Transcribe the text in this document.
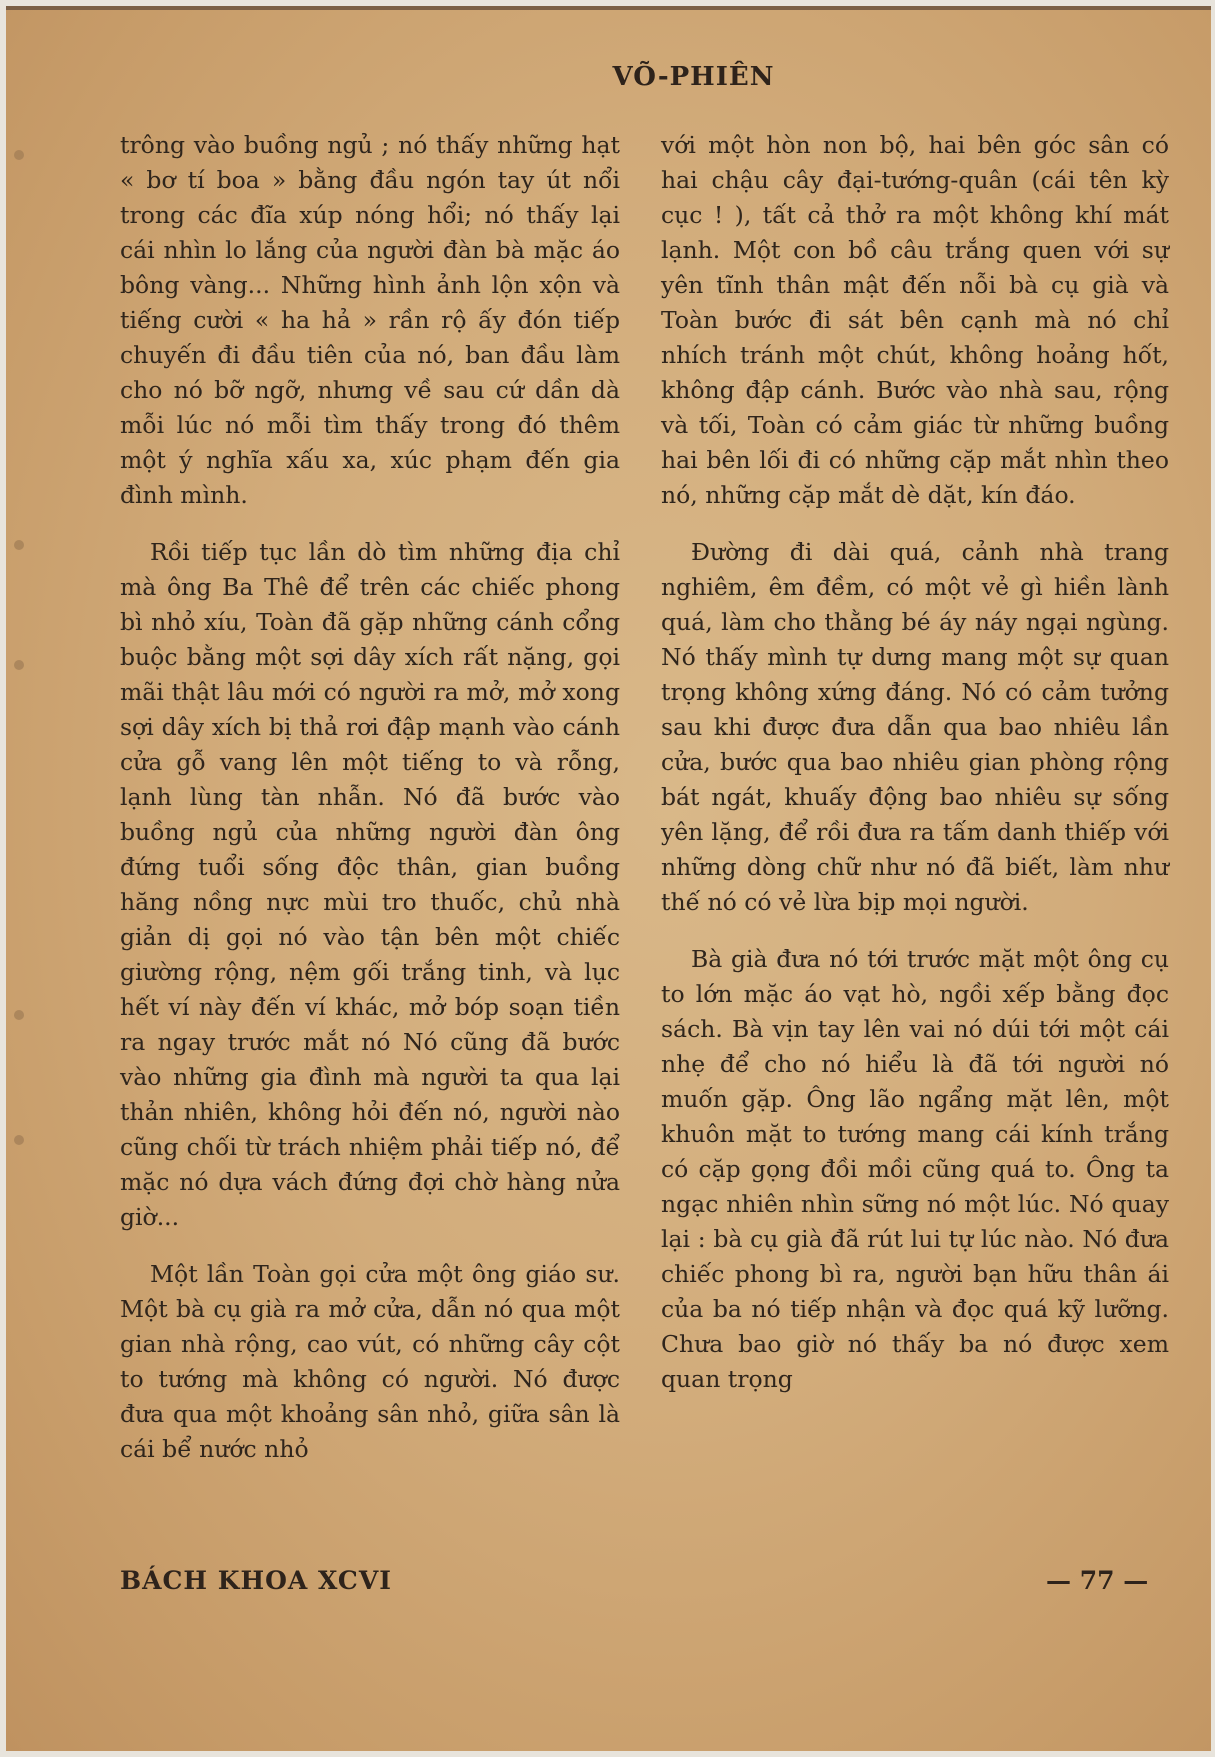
VÕ-PHIÊN

trông vào buồng ngủ ; nó thấy những hạt « bơ tí boa » bằng đầu ngón tay út nổi trong các đĩa xúp nóng hổi; nó thấy lại cái nhìn lo lắng của người đàn bà mặc áo bông vàng... Những hình ảnh lộn xộn và tiếng cười « ha hả » rần rộ ấy đón tiếp chuyến đi đầu tiên của nó, ban đầu làm cho nó bỡ ngỡ, nhưng về sau cứ dần dà mỗi lúc nó mỗi tìm thấy trong đó thêm một ý nghĩa xấu xa, xúc phạm đến gia đình mình.

Rồi tiếp tục lần dò tìm những địa chỉ mà ông Ba Thê để trên các chiếc phong bì nhỏ xíu, Toàn đã gặp những cánh cổng buộc bằng một sợi dây xích rất nặng, gọi mãi thật lâu mới có người ra mở, mở xong sợi dây xích bị thả rơi đập mạnh vào cánh cửa gỗ vang lên một tiếng to và rỗng, lạnh lùng tàn nhẫn. Nó đã bước vào buồng ngủ của những người đàn ông đứng tuổi sống độc thân, gian buồng hăng nồng nực mùi tro thuốc, chủ nhà giản dị gọi nó vào tận bên một chiếc giường rộng, nệm gối trắng tinh, và lục hết ví này đến ví khác, mở bóp soạn tiền ra ngay trước mắt nó Nó cũng đã bước vào những gia đình mà người ta qua lại thản nhiên, không hỏi đến nó, người nào cũng chối từ trách nhiệm phải tiếp nó, để mặc nó dựa vách đứng đợi chờ hàng nửa giờ...

Một lần Toàn gọi cửa một ông giáo sư. Một bà cụ già ra mở cửa, dẫn nó qua một gian nhà rộng, cao vút, có những cây cột to tướng mà không có người. Nó được đưa qua một khoảng sân nhỏ, giữa sân là cái bể nước nhỏ

với một hòn non bộ, hai bên góc sân có hai chậu cây đại-tướng-quân (cái tên kỳ cục ! ), tất cả thở ra một không khí mát lạnh. Một con bồ câu trắng quen với sự yên tĩnh thân mật đến nỗi bà cụ già và Toàn bước đi sát bên cạnh mà nó chỉ nhích tránh một chút, không hoảng hốt, không đập cánh. Bước vào nhà sau, rộng và tối, Toàn có cảm giác từ những buồng hai bên lối đi có những cặp mắt nhìn theo nó, những cặp mắt dè dặt, kín đáo.

Đường đi dài quá, cảnh nhà trang nghiêm, êm đềm, có một vẻ gì hiền lành quá, làm cho thằng bé áy náy ngại ngùng. Nó thấy mình tự dưng mang một sự quan trọng không xứng đáng. Nó có cảm tưởng sau khi được đưa dẫn qua bao nhiêu lần cửa, bước qua bao nhiêu gian phòng rộng bát ngát, khuấy động bao nhiêu sự sống yên lặng, để rồi đưa ra tấm danh thiếp với những dòng chữ như nó đã biết, làm như thế nó có vẻ lừa bịp mọi người.

Bà già đưa nó tới trước mặt một ông cụ to lớn mặc áo vạt hò, ngồi xếp bằng đọc sách. Bà vịn tay lên vai nó dúi tới một cái nhẹ để cho nó hiểu là đã tới người nó muốn gặp. Ông lão ngẩng mặt lên, một khuôn mặt to tướng mang cái kính trắng có cặp gọng đồi mồi cũng quá to. Ông ta ngạc nhiên nhìn sững nó một lúc. Nó quay lại : bà cụ già đã rút lui tự lúc nào. Nó đưa chiếc phong bì ra, người bạn hữu thân ái của ba nó tiếp nhận và đọc quá kỹ lưỡng. Chưa bao giờ nó thấy ba nó được xem quan trọng

BÁCH KHOA XCVI	— 77 —
